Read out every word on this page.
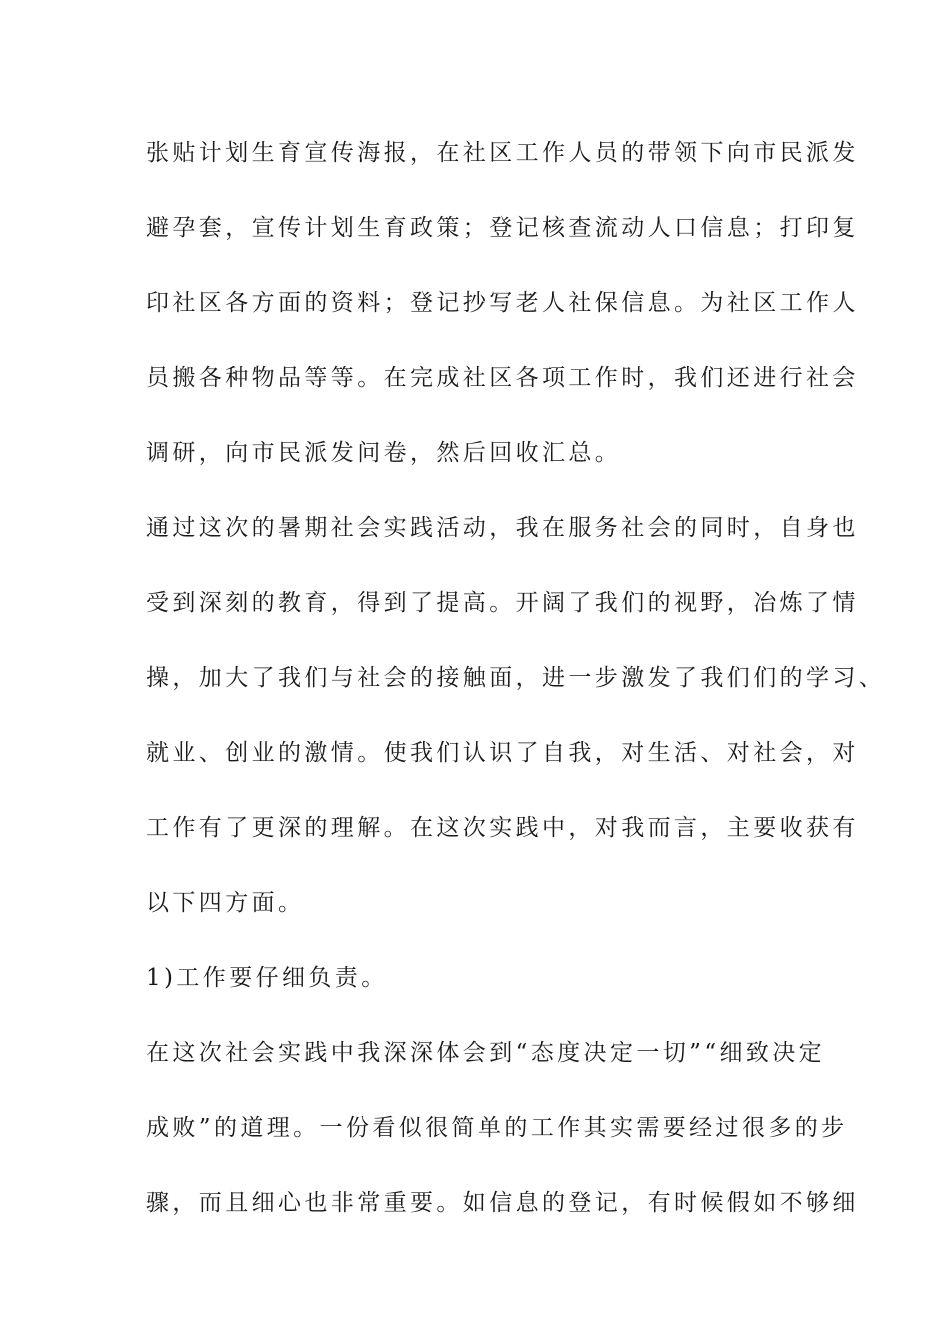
张贴计划生育宣传海报，在社区工作人员的带领下向市民派发

避孕套，宣传计划生育政策；登记核查流动人口信息；打印复

印社区各方面的资料；登记抄写老人社保信息。为社区工作人

员搬各种物品等等。在完成社区各项工作时，我们还进行社会

调研，向市民派发问卷，然后回收汇总。

通过这次的暑期社会实践活动，我在服务社会的同时，自身也

受到深刻的教育，得到了提高。开阔了我们的视野，冶炼了情

操，加大了我们与社会的接触面，进一步激发了我们们的学习、

就业、创业的激情。使我们认识了自我，对生活、对社会，对

工作有了更深的理解。在这次实践中，对我而言，主要收获有

以下四方面。

1)工作要仔细负责。

在这次社会实践中我深深体会到“态度决定一切”“细致决定

成败”的道理。一份看似很简单的工作其实需要经过很多的步

骤，而且细心也非常重要。如信息的登记，有时候假如不够细
